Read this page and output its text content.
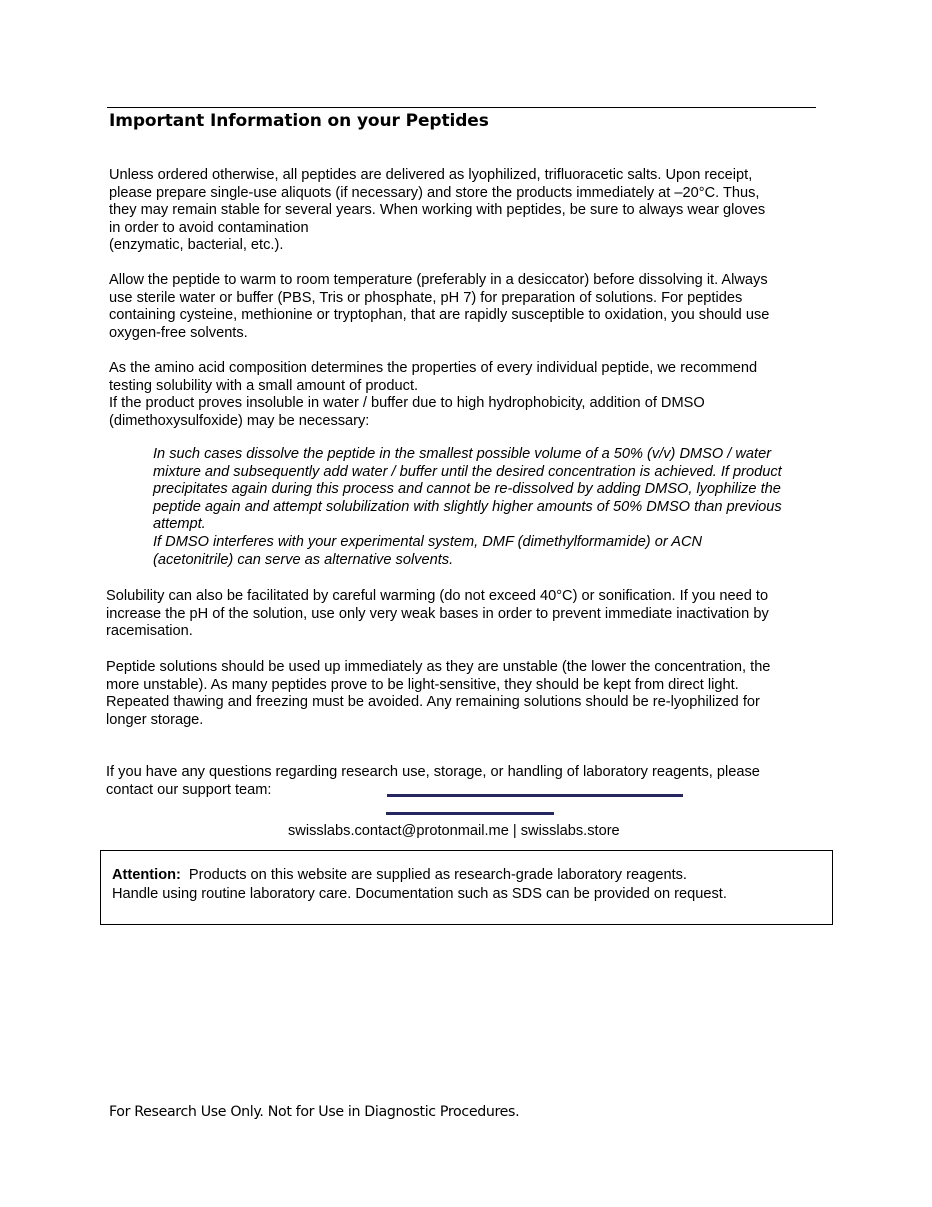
Important Information on your Peptides
Unless ordered otherwise, all peptides are delivered as lyophilized, trifluoracetic salts. Upon receipt,
please prepare single-use aliquots (if necessary) and store the products immediately at –20°C. Thus,
they may remain stable for several years. When working with peptides, be sure to always wear gloves
in order to avoid contamination
(enzymatic, bacterial, etc.).
Allow the peptide to warm to room temperature (preferably in a desiccator) before dissolving it. Always
use sterile water or buffer (PBS, Tris or phosphate, pH 7) for preparation of solutions. For peptides
containing cysteine, methionine or tryptophan, that are rapidly susceptible to oxidation, you should use
oxygen-free solvents.
As the amino acid composition determines the properties of every individual peptide, we recommend
testing solubility with a small amount of product.
If the product proves insoluble in water / buffer due to high hydrophobicity, addition of DMSO
(dimethoxysulfoxide) may be necessary:
In such cases dissolve the peptide in the smallest possible volume of a 50% (v/v) DMSO / water
mixture and subsequently add water / buffer until the desired concentration is achieved. If product
precipitates again during this process and cannot be re-dissolved by adding DMSO, lyophilize the
peptide again and attempt solubilization with slightly higher amounts of 50% DMSO than previous
attempt.
If DMSO interferes with your experimental system, DMF (dimethylformamide) or ACN
(acetonitrile) can serve as alternative solvents.
Solubility can also be facilitated by careful warming (do not exceed 40°C) or sonification. If you need to
increase the pH of the solution, use only very weak bases in order to prevent immediate inactivation by
racemisation.
Peptide solutions should be used up immediately as they are unstable (the lower the concentration, the
more unstable). As many peptides prove to be light-sensitive, they should be kept from direct light.
Repeated thawing and freezing must be avoided. Any remaining solutions should be re-lyophilized for
longer storage.
If you have any questions regarding research use, storage, or handling of laboratory reagents, please
contact our support team:
swisslabs.contact@protonmail.me | swisslabs.store
Attention: Products on this website are supplied as research-grade laboratory reagents.
Handle using routine laboratory care. Documentation such as SDS can be provided on request.
For Research Use Only. Not for Use in Diagnostic Procedures.
